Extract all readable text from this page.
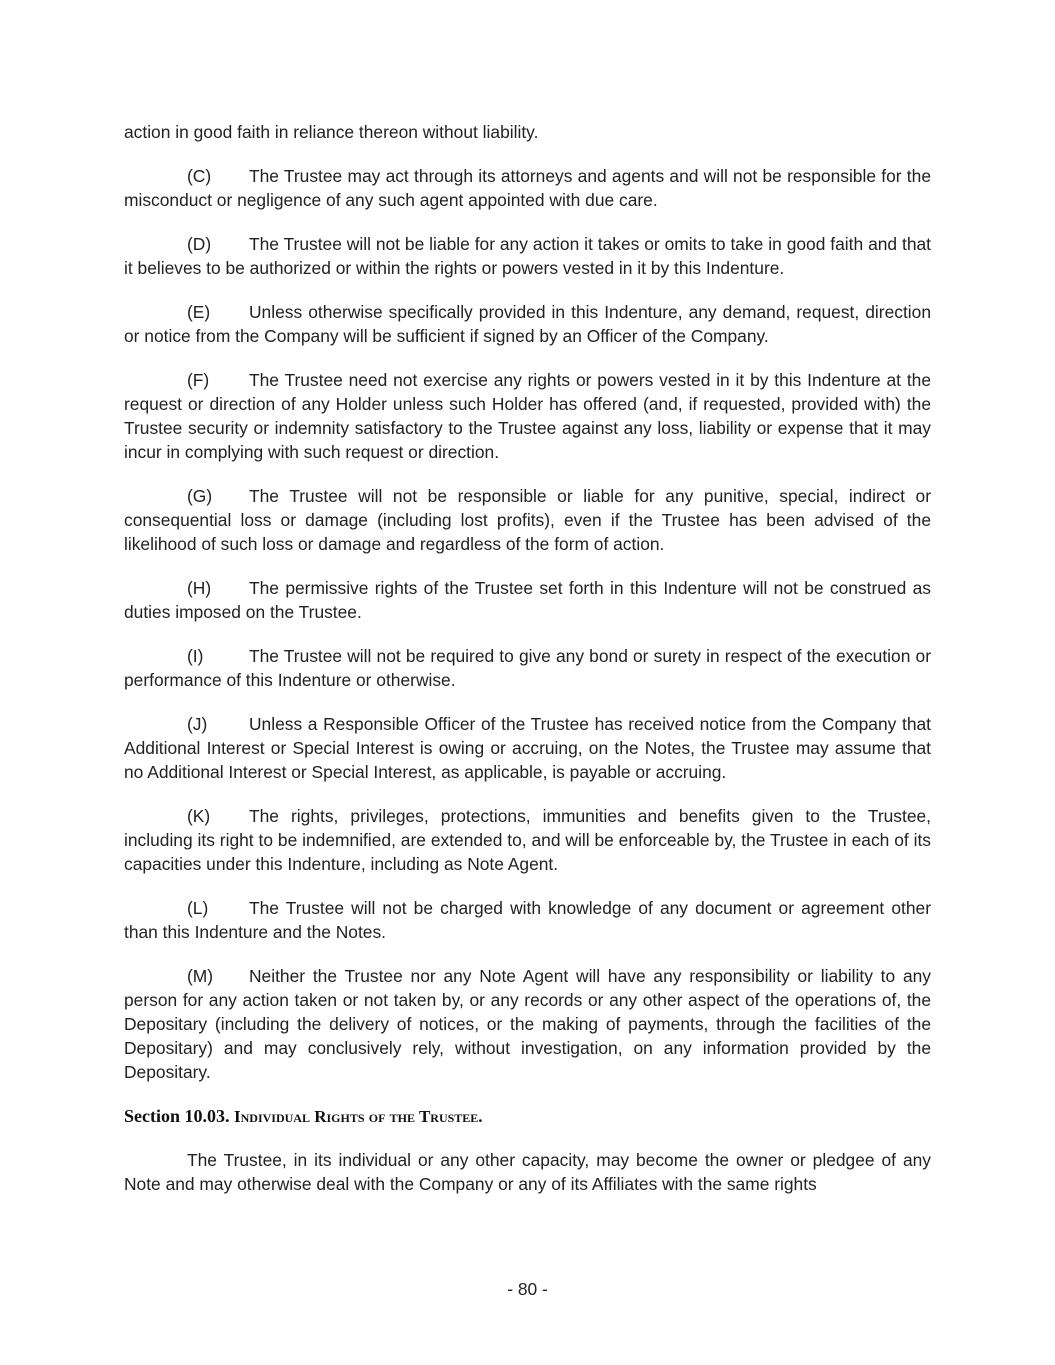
action in good faith in reliance thereon without liability.

(C) The Trustee may act through its attorneys and agents and will not be responsible for the misconduct or negligence of any such agent appointed with due care.

(D) The Trustee will not be liable for any action it takes or omits to take in good faith and that it believes to be authorized or within the rights or powers vested in it by this Indenture.

(E) Unless otherwise specifically provided in this Indenture, any demand, request, direction or notice from the Company will be sufficient if signed by an Officer of the Company.

(F) The Trustee need not exercise any rights or powers vested in it by this Indenture at the request or direction of any Holder unless such Holder has offered (and, if requested, provided with) the Trustee security or indemnity satisfactory to the Trustee against any loss, liability or expense that it may incur in complying with such request or direction.

(G) The Trustee will not be responsible or liable for any punitive, special, indirect or consequential loss or damage (including lost profits), even if the Trustee has been advised of the likelihood of such loss or damage and regardless of the form of action.

(H) The permissive rights of the Trustee set forth in this Indenture will not be construed as duties imposed on the Trustee.

(I)	The Trustee will not be required to give any bond or surety in respect of the execution or performance of this Indenture or otherwise.

(J) Unless a Responsible Officer of the Trustee has received notice from the Company that Additional Interest or Special Interest is owing or accruing, on the Notes, the Trustee may assume that no Additional Interest or Special Interest, as applicable, is payable or accruing.

(K) The rights, privileges, protections, immunities and benefits given to the Trustee, including its right to be indemnified, are extended to, and will be enforceable by, the Trustee in each of its capacities under this Indenture, including as Note Agent.

(L) The Trustee will not be charged with knowledge of any document or agreement other than this Indenture and the Notes.

(M) Neither the Trustee nor any Note Agent will have any responsibility or liability to any person for any action taken or not taken by, or any records or any other aspect of the operations of, the Depositary (including the delivery of notices, or the making of payments, through the facilities of the Depositary) and may conclusively rely, without investigation, on any information provided by the Depositary.

Section 10.03. Individual Rights of the Trustee.

The Trustee, in its individual or any other capacity, may become the owner or pledgee of any Note and may otherwise deal with the Company or any of its Affiliates with the same rights

- 80 -
